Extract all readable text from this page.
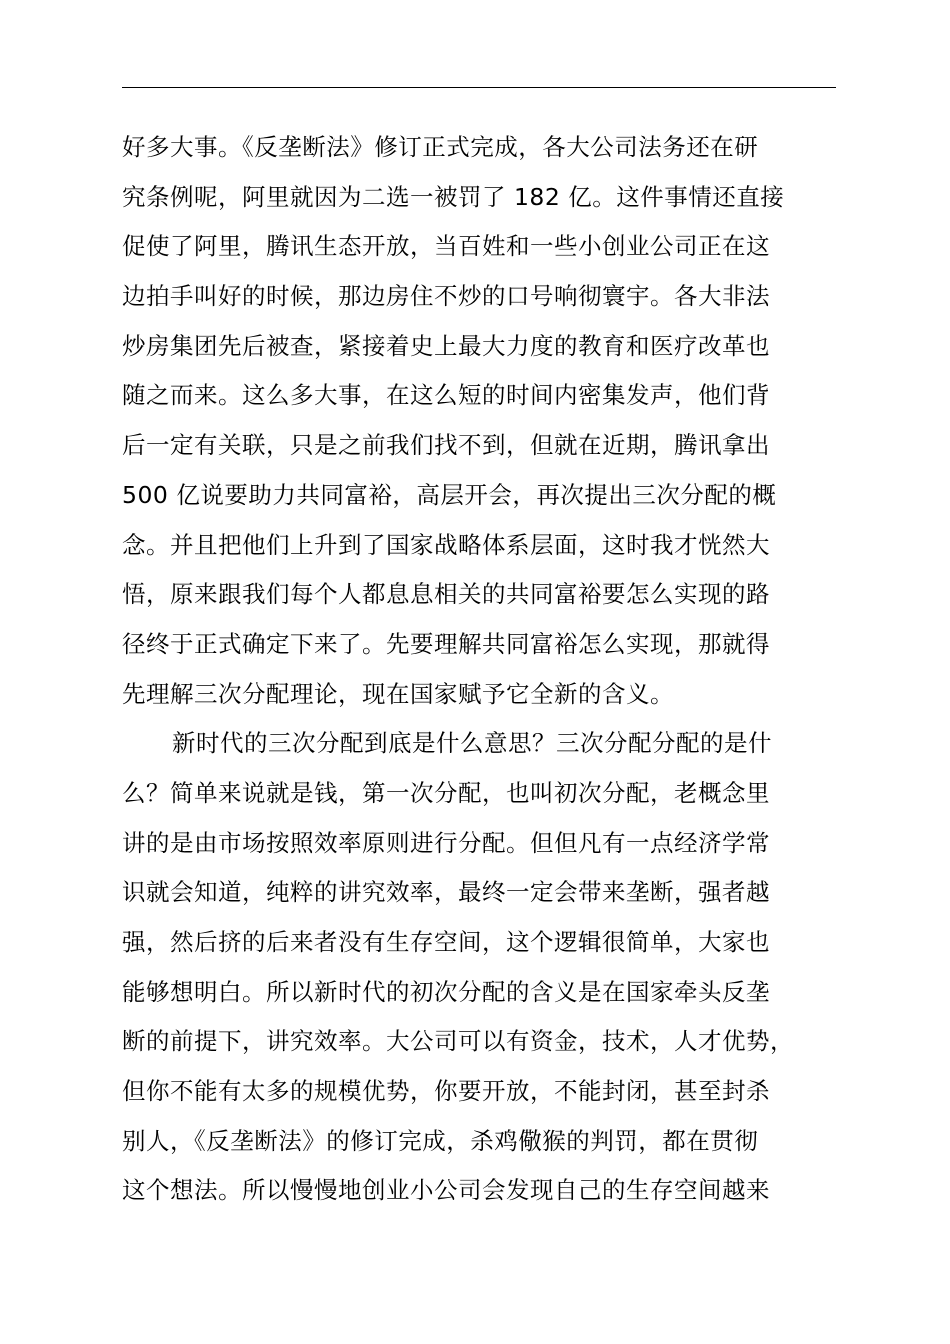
好多大事。《反垄断法》修订正式完成，各大公司法务还在研
究条例呢，阿里就因为二选一被罚了 182 亿。这件事情还直接
促使了阿里，腾讯生态开放，当百姓和一些小创业公司正在这
边拍手叫好的时候，那边房住不炒的口号响彻寰宇。各大非法
炒房集团先后被查，紧接着史上最大力度的教育和医疗改革也
随之而来。这么多大事，在这么短的时间内密集发声，他们背
后一定有关联，只是之前我们找不到，但就在近期，腾讯拿出
500 亿说要助力共同富裕，高层开会，再次提出三次分配的概
念。并且把他们上升到了国家战略体系层面，这时我才恍然大
悟，原来跟我们每个人都息息相关的共同富裕要怎么实现的路
径终于正式确定下来了。先要理解共同富裕怎么实现，那就得
先理解三次分配理论，现在国家赋予它全新的含义。
新时代的三次分配到底是什么意思？三次分配分配的是什
么？简单来说就是钱，第一次分配，也叫初次分配，老概念里
讲的是由市场按照效率原则进行分配。但但凡有一点经济学常
识就会知道，纯粹的讲究效率，最终一定会带来垄断，强者越
强，然后挤的后来者没有生存空间，这个逻辑很简单，大家也
能够想明白。所以新时代的初次分配的含义是在国家牵头反垄
断的前提下，讲究效率。大公司可以有资金，技术，人才优势，
但你不能有太多的规模优势，你要开放，不能封闭，甚至封杀
别人，《反垄断法》的修订完成，杀鸡儆猴的判罚，都在贯彻
这个想法。所以慢慢地创业小公司会发现自己的生存空间越来
